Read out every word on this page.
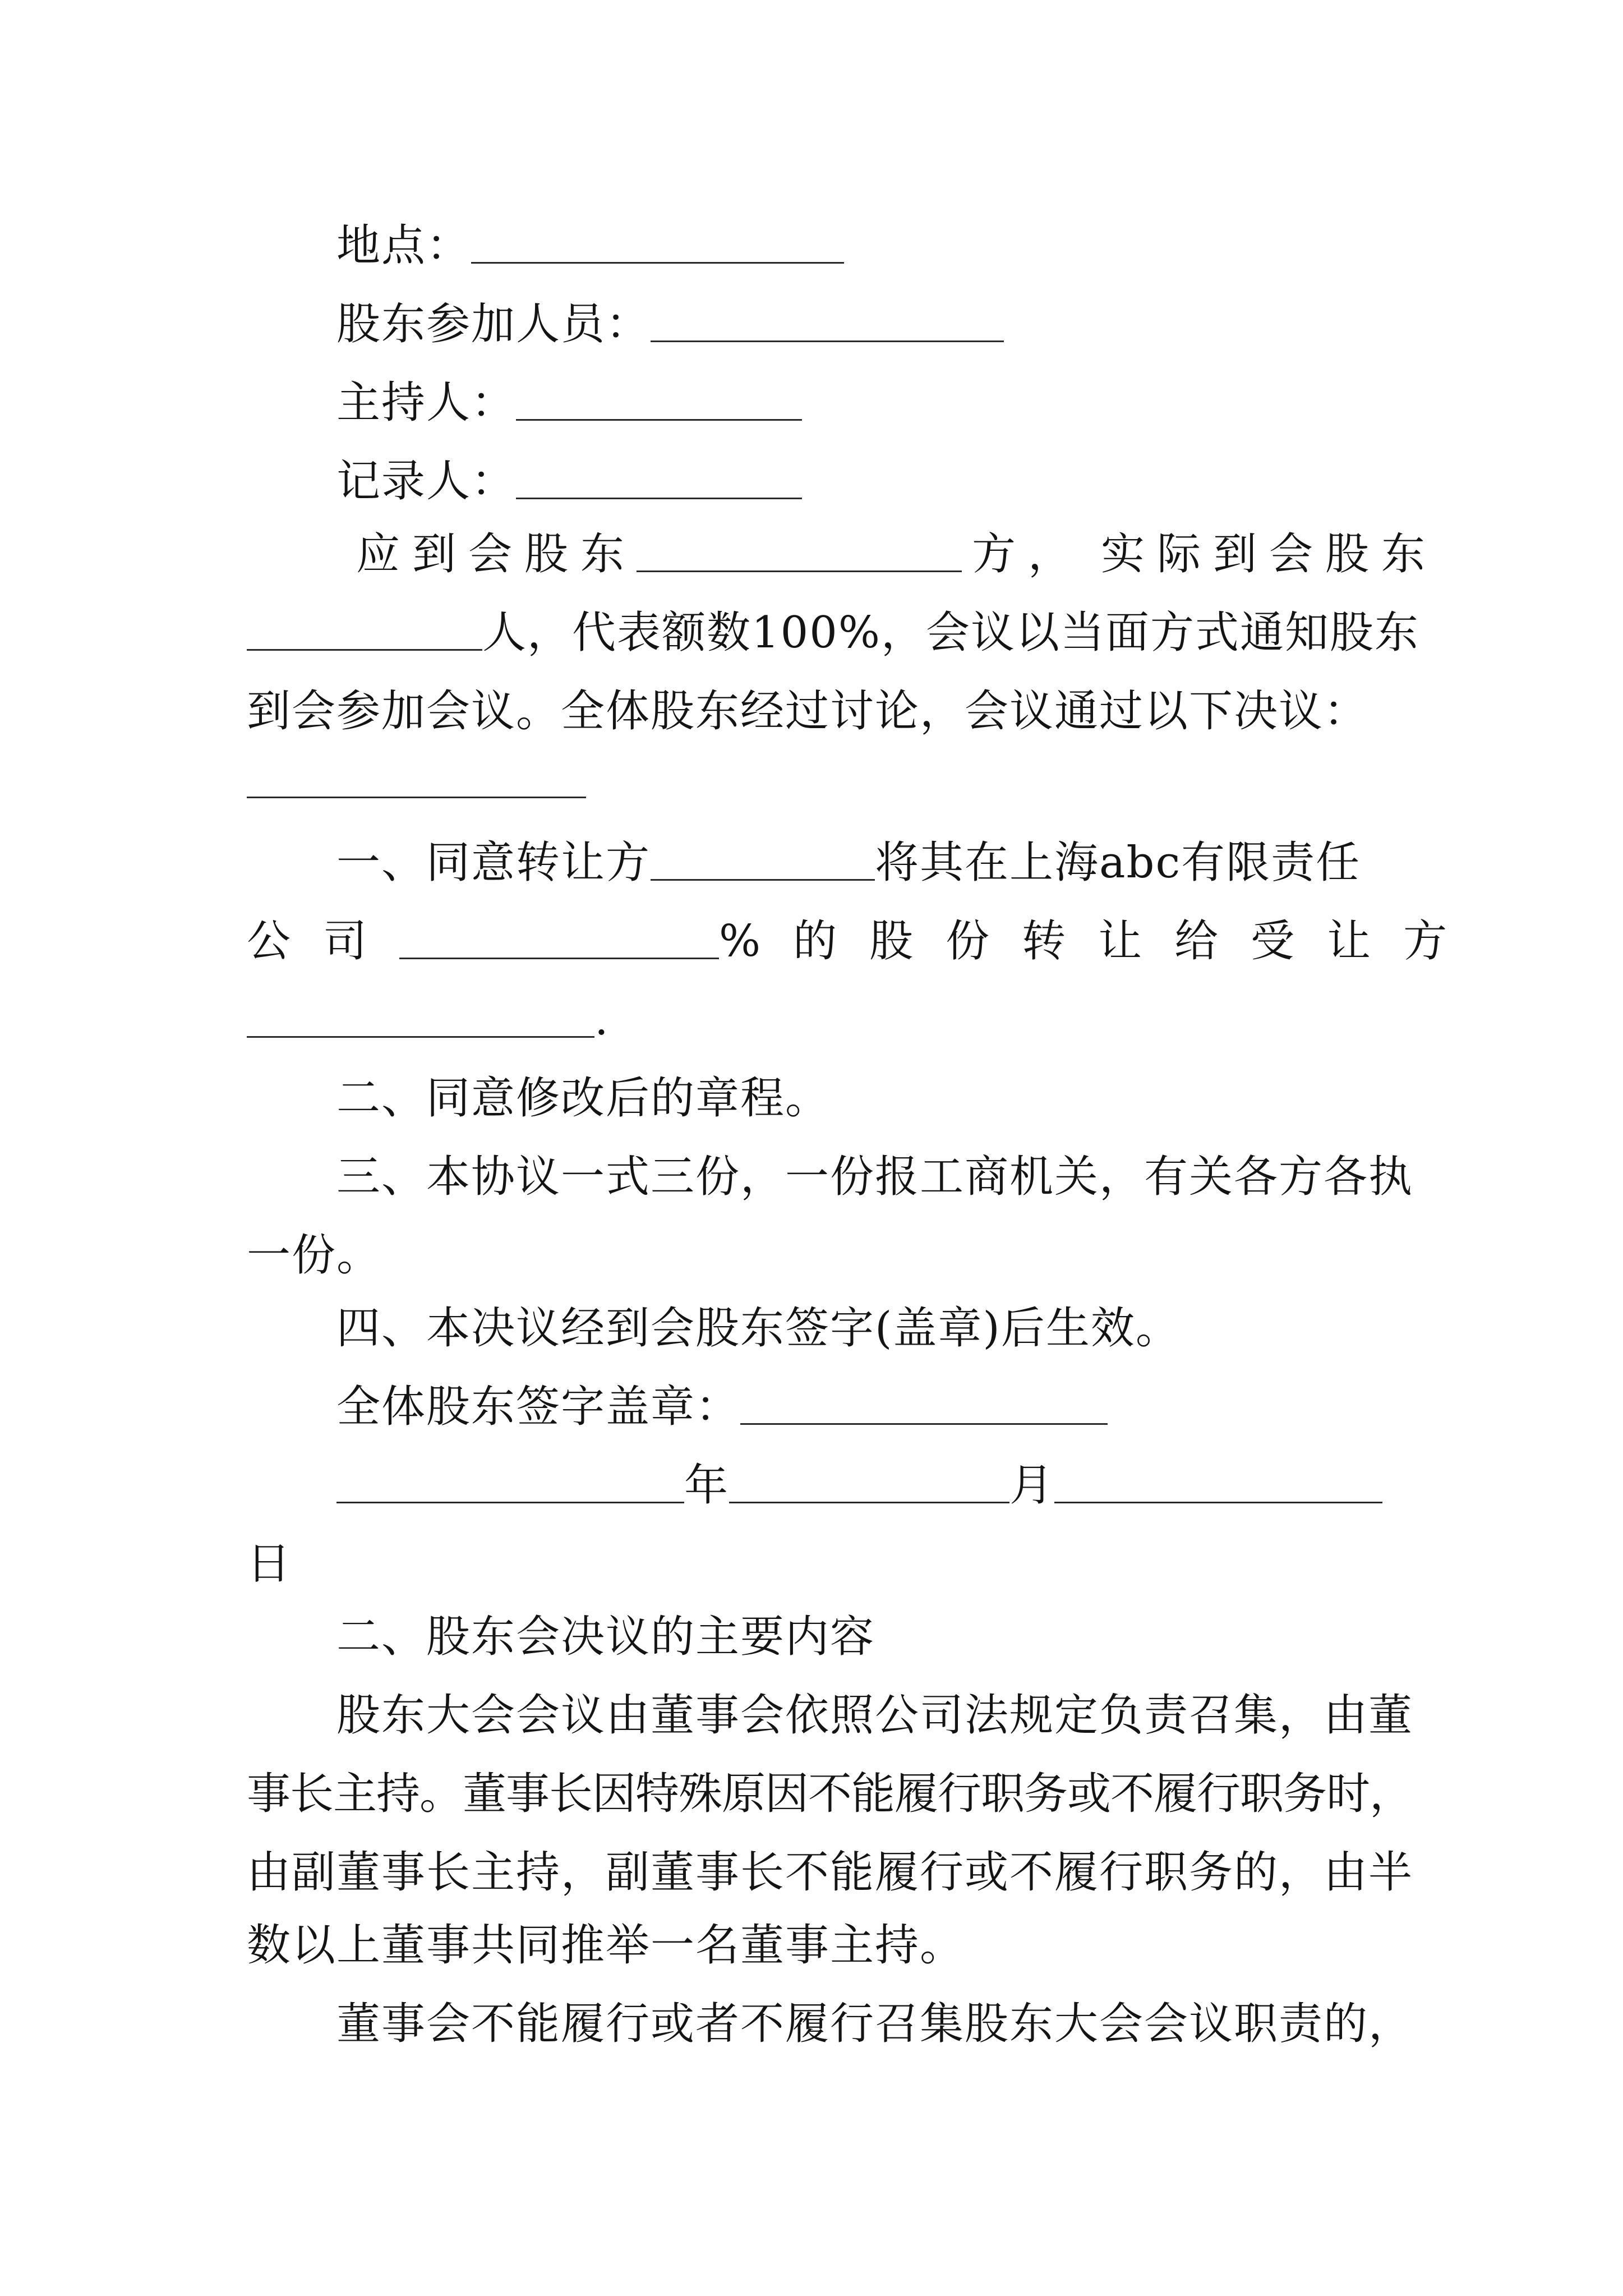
地点：

股东参加人员：

主持人：

记录人：

应到会股东	方， 实际到会股东

人，代表额数100%，会议以当面方式通知股东

到会参加会议。全体股东经过讨论，会议通过以下决议：

一、同意转让方	将其在上海abc有限责任

公司	%的股份转让给受让方

.

二、同意修改后的章程。

三、本协议一式三份，一份报工商机关，有关各方各执

一份。

四、本决议经到会股东签字(盖章)后生效。

全体股东签字盖章：

年	月

日

二、股东会决议的主要内容

股东大会会议由董事会依照公司法规定负责召集，由董

事长主持。董事长因特殊原因不能履行职务或不履行职务时，

由副董事长主持，副董事长不能履行或不履行职务的，由半

数以上董事共同推举一名董事主持。

董事会不能履行或者不履行召集股东大会会议职责的，
